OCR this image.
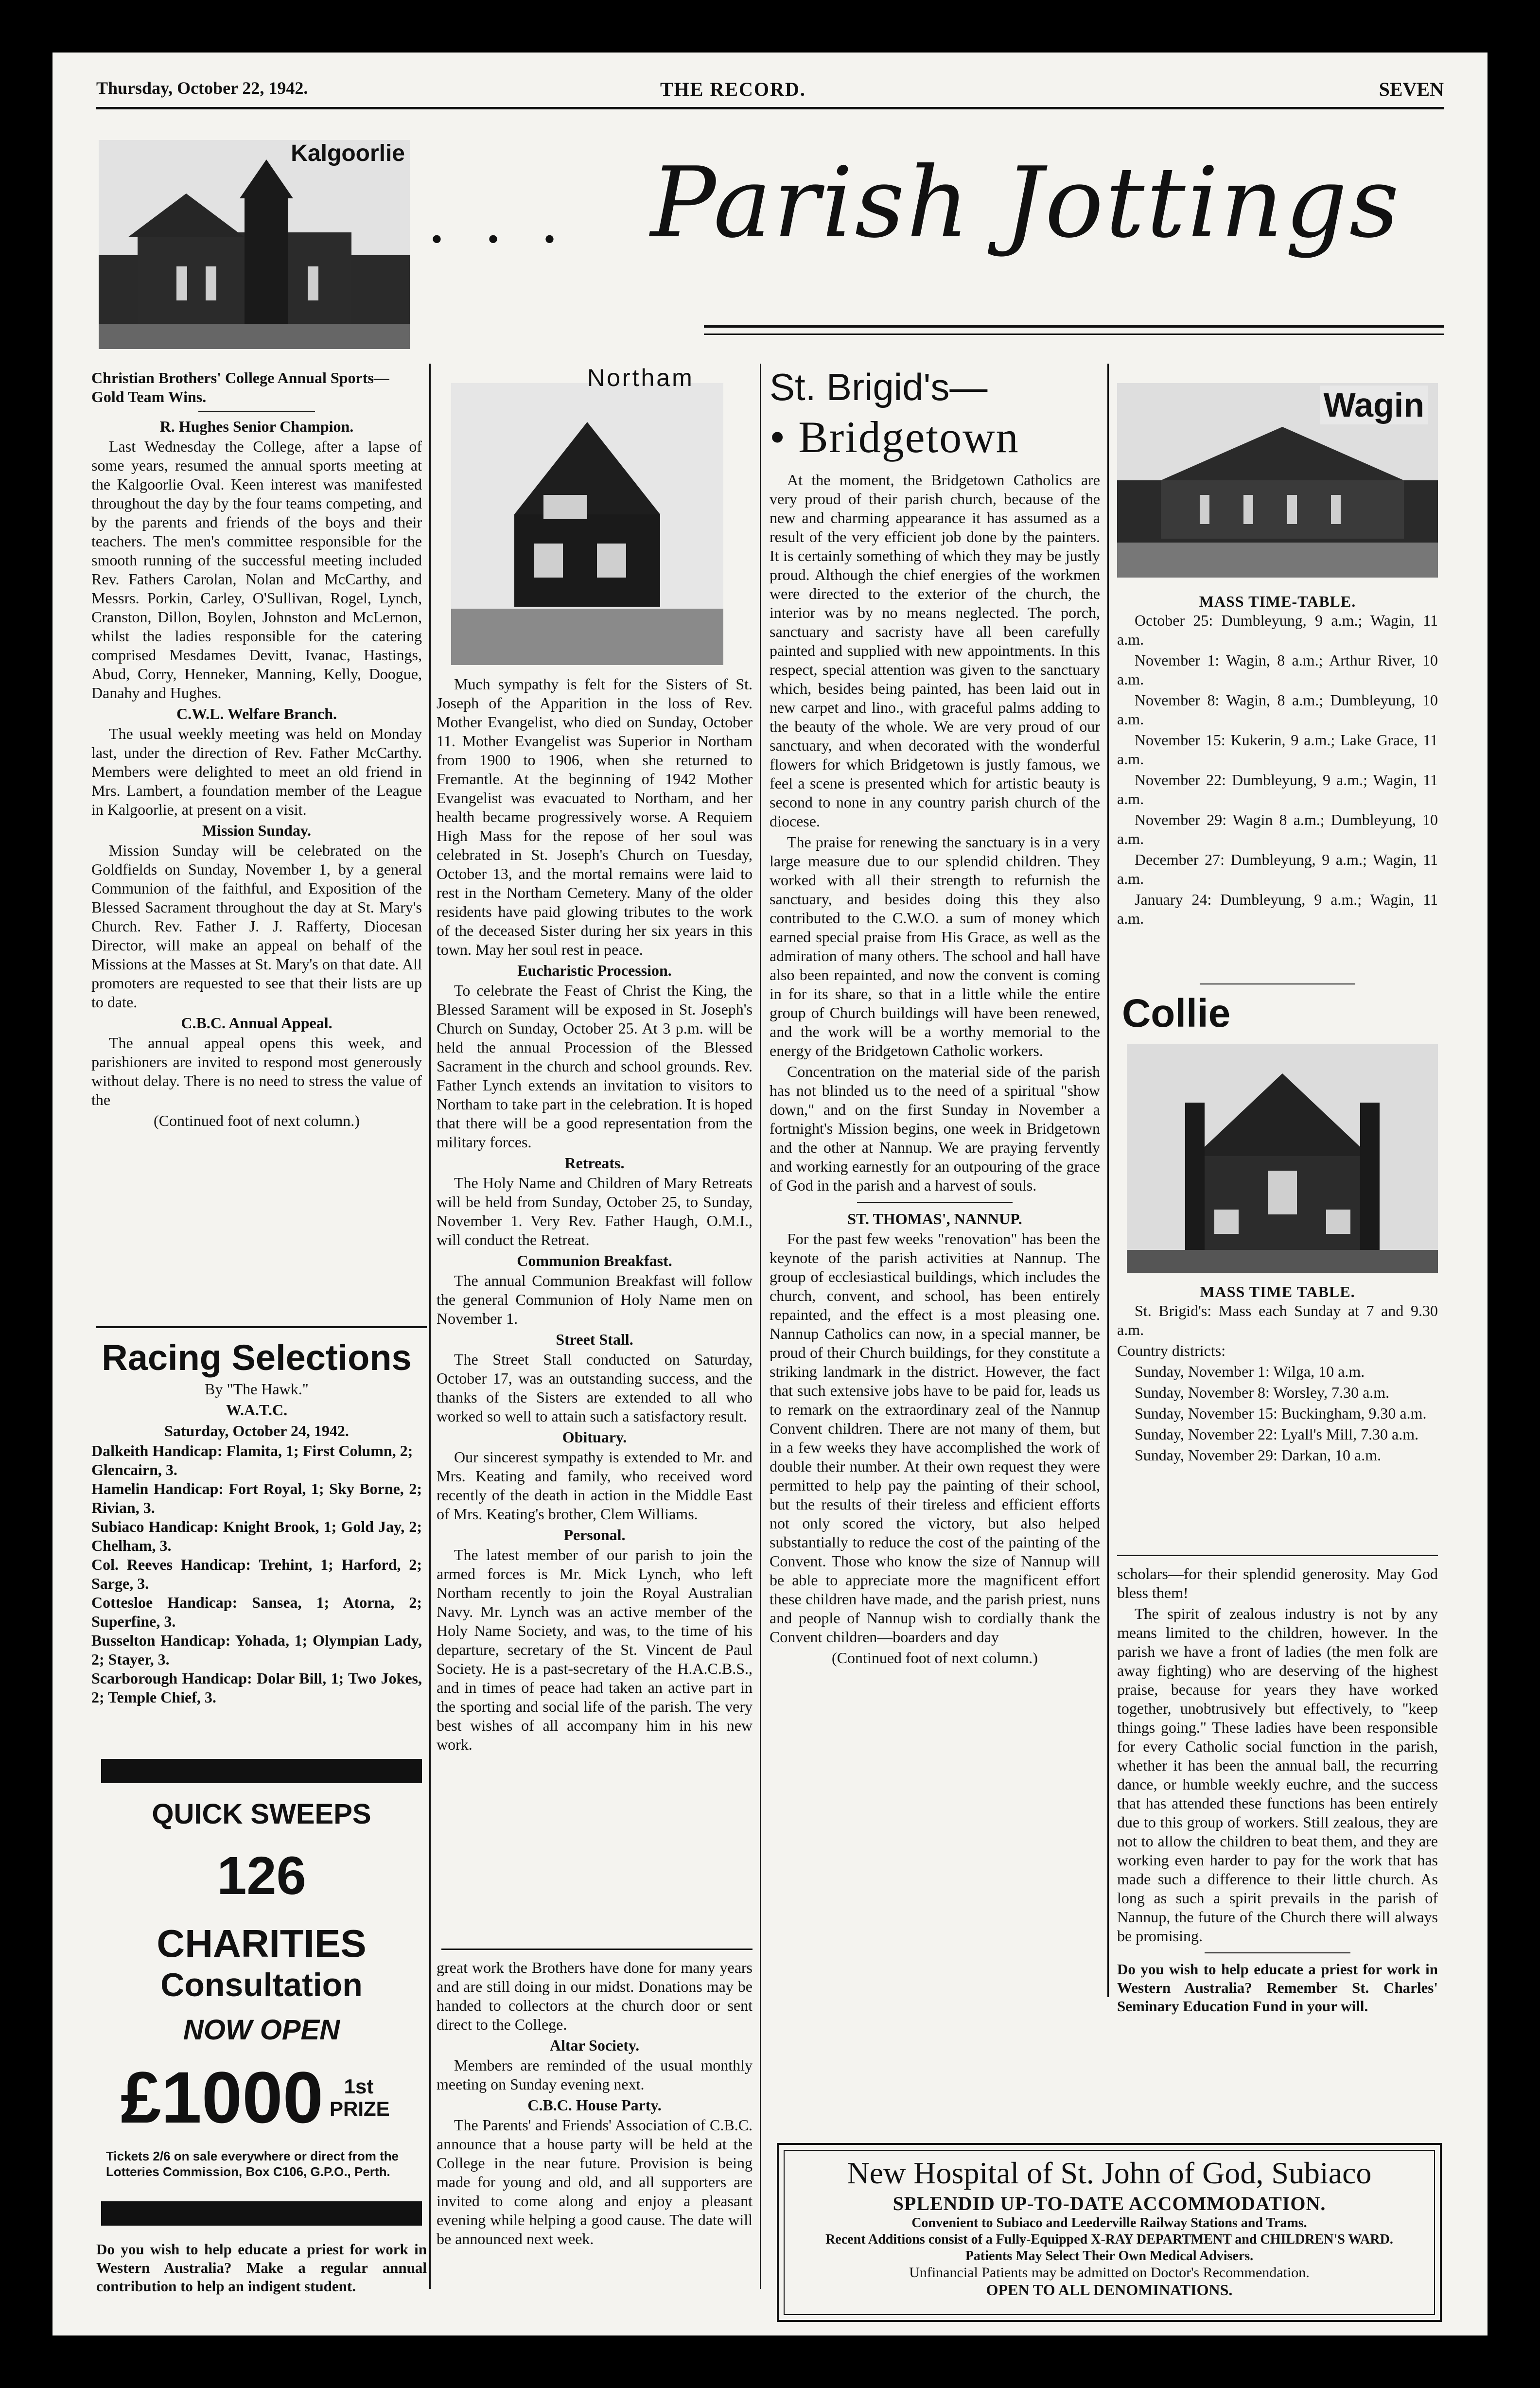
Thursday, October 22, 1942.	THE RECORD.	SEVEN
Kalgoorlie
• • • Parish Jottings
Christian Brothers' College Annual Sports—Gold Team Wins.
R. Hughes Senior Champion.

Last Wednesday the College, after a lapse of some years, resumed the annual sports meeting at the Kalgoorlie Oval. Keen interest was manifested throughout the day by the four teams competing, and by the parents and friends of the boys and their teachers. The men's committee responsible for the smooth running of the successful meeting included Rev. Fathers Carolan, Nolan and McCarthy, and Messrs. Porkin, Carley, O'Sullivan, Rogel, Lynch, Cranston, Dillon, Boylen, Johnston and McLernon, whilst the ladies responsible for the catering comprised Mesdames Devitt, Ivanac, Hastings, Abud, Corry, Henneker, Manning, Kelly, Doogue, Danahy and Hughes.

C.W.L. Welfare Branch.

The usual weekly meeting was held on Monday last, under the direction of Rev. Father McCarthy. Members were delighted to meet an old friend in Mrs. Lambert, a foundation member of the League in Kalgoorlie, at present on a visit.

Mission Sunday.

Mission Sunday will be celebrated on the Goldfields on Sunday, November 1, by a general Communion of the faithful, and Exposition of the Blessed Sacrament throughout the day at St. Mary's Church. Rev. Father J. J. Rafferty, Diocesan Director, will make an appeal on behalf of the Missions at the Masses at St. Mary's on that date. All promoters are requested to see that their lists are up to date.

C.B.C. Annual Appeal.

The annual appeal opens this week, and parishioners are invited to respond most generously without delay. There is no need to stress the value of the

(Continued foot of next column.)
Racing Selections
By "The Hawk."
W.A.T.C.
Saturday, October 24, 1942.
Dalkeith Handicap: Flamita, 1; First Column, 2; Glencairn, 3.
Hamelin Handicap: Fort Royal, 1; Sky Borne, 2; Rivian, 3.
Subiaco Handicap: Knight Brook, 1; Gold Jay, 2; Chelham, 3.
Col. Reeves Handicap: Trehint, 1; Harford, 2; Sarge, 3.
Cottesloe Handicap: Sansea, 1; Atorna, 2; Superfine, 3.
Busselton Handicap: Yohada, 1; Olympian Lady, 2; Stayer, 3.
Scarborough Handicap: Dolar Bill, 1; Two Jokes, 2; Temple Chief, 3.
QUICK SWEEPS
126
CHARITIES
Consultation
NOW OPEN
£1000	1st PRIZE
Tickets 2/6 on sale everywhere or direct from the Lotteries Commission, Box C106, G.P.O., Perth.
Do you wish to help educate a priest for work in Western Australia? Make a regular annual contribution to help an indigent student.
Northam

Much sympathy is felt for the Sisters of St. Joseph of the Apparition in the loss of Rev. Mother Evangelist, who died on Sunday, October 11. Mother Evangelist was Superior in Northam from 1900 to 1906, when she returned to Fremantle. At the beginning of 1942 Mother Evangelist was evacuated to Northam, and her health became progressively worse. A Requiem High Mass for the repose of her soul was celebrated in St. Joseph's Church on Tuesday, October 13, and the mortal remains were laid to rest in the Northam Cemetery. Many of the older residents have paid glowing tributes to the work of the deceased Sister during her six years in this town. May her soul rest in peace.

Eucharistic Procession.

To celebrate the Feast of Christ the King, the Blessed Sarament will be exposed in St. Joseph's Church on Sunday, October 25. At 3 p.m. will be held the annual Procession of the Blessed Sacrament in the church and school grounds. Rev. Father Lynch extends an invitation to visitors to Northam to take part in the celebration. It is hoped that there will be a good representation from the military forces.

Retreats.

The Holy Name and Children of Mary Retreats will be held from Sunday, October 25, to Sunday, November 1. Very Rev. Father Haugh, O.M.I., will conduct the Retreat.

Communion Breakfast.

The annual Communion Breakfast will follow the general Communion of Holy Name men on November 1.

Street Stall.

The Street Stall conducted on Saturday, October 17, was an outstanding success, and the thanks of the Sisters are extended to all who worked so well to attain such a satisfactory result.

Obituary.

Our sincerest sympathy is extended to Mr. and Mrs. Keating and family, who received word recently of the death in action in the Middle East of Mrs. Keating's brother, Clem Williams.

Personal.

The latest member of our parish to join the armed forces is Mr. Mick Lynch, who left Northam recently to join the Royal Australian Navy. Mr. Lynch was an active member of the Holy Name Society, and was, to the time of his departure, secretary of the St. Vincent de Paul Society. He is a past-secretary of the H.A.C.B.S., and in times of peace had taken an active part in the sporting and social life of the parish. The very best wishes of all accompany him in his new work.

great work the Brothers have done for many years and are still doing in our midst. Donations may be handed to collectors at the church door or sent direct to the College.

Altar Society.

Members are reminded of the usual monthly meeting on Sunday evening next.

C.B.C. House Party.

The Parents' and Friends' Association of C.B.C. announce that a house party will be held at the College in the near future. Provision is being made for young and old, and all supporters are invited to come along and enjoy a pleasant evening while helping a good cause. The date will be announced next week.

St. Brigid's—
• Bridgetown

At the moment, the Bridgetown Catholics are very proud of their parish church, because of the new and charming appearance it has assumed as a result of the very efficient job done by the painters. It is certainly something of which they may be justly proud. Although the chief energies of the workmen were directed to the exterior of the church, the interior was by no means neglected. The porch, sanctuary and sacristy have all been carefully painted and supplied with new appointments. In this respect, special attention was given to the sanctuary which, besides being painted, has been laid out in new carpet and lino., with graceful palms adding to the beauty of the whole. We are very proud of our sanctuary, and when decorated with the wonderful flowers for which Bridgetown is justly famous, we feel a scene is presented which for artistic beauty is second to none in any country parish church of the diocese.

The praise for renewing the sanctuary is in a very large measure due to our splendid children. They worked with all their strength to refurnish the sanctuary, and besides doing this they also contributed to the C.W.O. a sum of money which earned special praise from His Grace, as well as the admiration of many others. The school and hall have also been repainted, and now the convent is coming in for its share, so that in a little while the entire group of Church buildings will have been renewed, and the work will be a worthy memorial to the energy of the Bridgetown Catholic workers.

Concentration on the material side of the parish has not blinded us to the need of a spiritual "show down," and on the first Sunday in November a fortnight's Mission begins, one week in Bridgetown and the other at Nannup. We are praying fervently and working earnestly for an outpouring of the grace of God in the parish and a harvest of souls.

ST. THOMAS', NANNUP.

For the past few weeks "renovation" has been the keynote of the parish activities at Nannup. The group of ecclesiastical buildings, which includes the church, convent, and school, has been entirely repainted, and the effect is a most pleasing one. Nannup Catholics can now, in a special manner, be proud of their Church buildings, for they constitute a striking landmark in the district. However, the fact that such extensive jobs have to be paid for, leads us to remark on the extraordinary zeal of the Nannup Convent children. There are not many of them, but in a few weeks they have accomplished the work of double their number. At their own request they were permitted to help pay the painting of their school, but the results of their tireless and efficient efforts not only scored the victory, but also helped substantially to reduce the cost of the painting of the Convent. Those who know the size of Nannup will be able to appreciate more the magnificent effort these children have made, and the parish priest, nuns and people of Nannup wish to cordially thank the Convent children—boarders and day

(Continued foot of next column.)
Wagin
MASS TIME-TABLE.

October 25: Dumbleyung, 9 a.m.; Wagin, 11 a.m.

November 1: Wagin, 8 a.m.; Arthur River, 10 a.m.

November 8: Wagin, 8 a.m.; Dumbleyung, 10 a.m.

November 15: Kukerin, 9 a.m.; Lake Grace, 11 a.m.

November 22: Dumbleyung, 9 a.m.; Wagin, 11 a.m.

November 29: Wagin 8 a.m.; Dumbleyung, 10 a.m.

December 27: Dumbleyung, 9 a.m.; Wagin, 11 a.m.

January 24: Dumbleyung, 9 a.m.; Wagin, 11 a.m.

Collie
MASS TIME TABLE.

St. Brigid's: Mass each Sunday at 7 and 9.30 a.m.

Country districts:

Sunday, November 1: Wilga, 10 a.m.

Sunday, November 8: Worsley, 7.30 a.m.

Sunday, November 15: Buckingham, 9.30 a.m.

Sunday, November 22: Lyall's Mill, 7.30 a.m.

Sunday, November 29: Darkan, 10 a.m.

scholars—for their splendid generosity. May God bless them!

The spirit of zealous industry is not by any means limited to the children, however. In the parish we have a front of ladies (the men folk are away fighting) who are deserving of the highest praise, because for years they have worked together, unobtrusively but effectively, to "keep things going." These ladies have been responsible for every Catholic social function in the parish, whether it has been the annual ball, the recurring dance, or humble weekly euchre, and the success that has attended these functions has been entirely due to this group of workers. Still zealous, they are not to allow the children to beat them, and they are working even harder to pay for the work that has made such a difference to their little church. As long as such a spirit prevails in the parish of Nannup, the future of the Church there will always be promising.

Do you wish to help educate a priest for work in Western Australia? Remember St. Charles' Seminary Education Fund in your will.
New Hospital of St. John of God, Subiaco
SPLENDID UP-TO-DATE ACCOMMODATION.
Convenient to Subiaco and Leederville Railway Stations and Trams.
Recent Additions consist of a Fully-Equipped X-RAY DEPARTMENT and CHILDREN'S WARD.
Patients May Select Their Own Medical Advisers.
Unfinancial Patients may be admitted on Doctor's Recommendation.
OPEN TO ALL DENOMINATIONS.
